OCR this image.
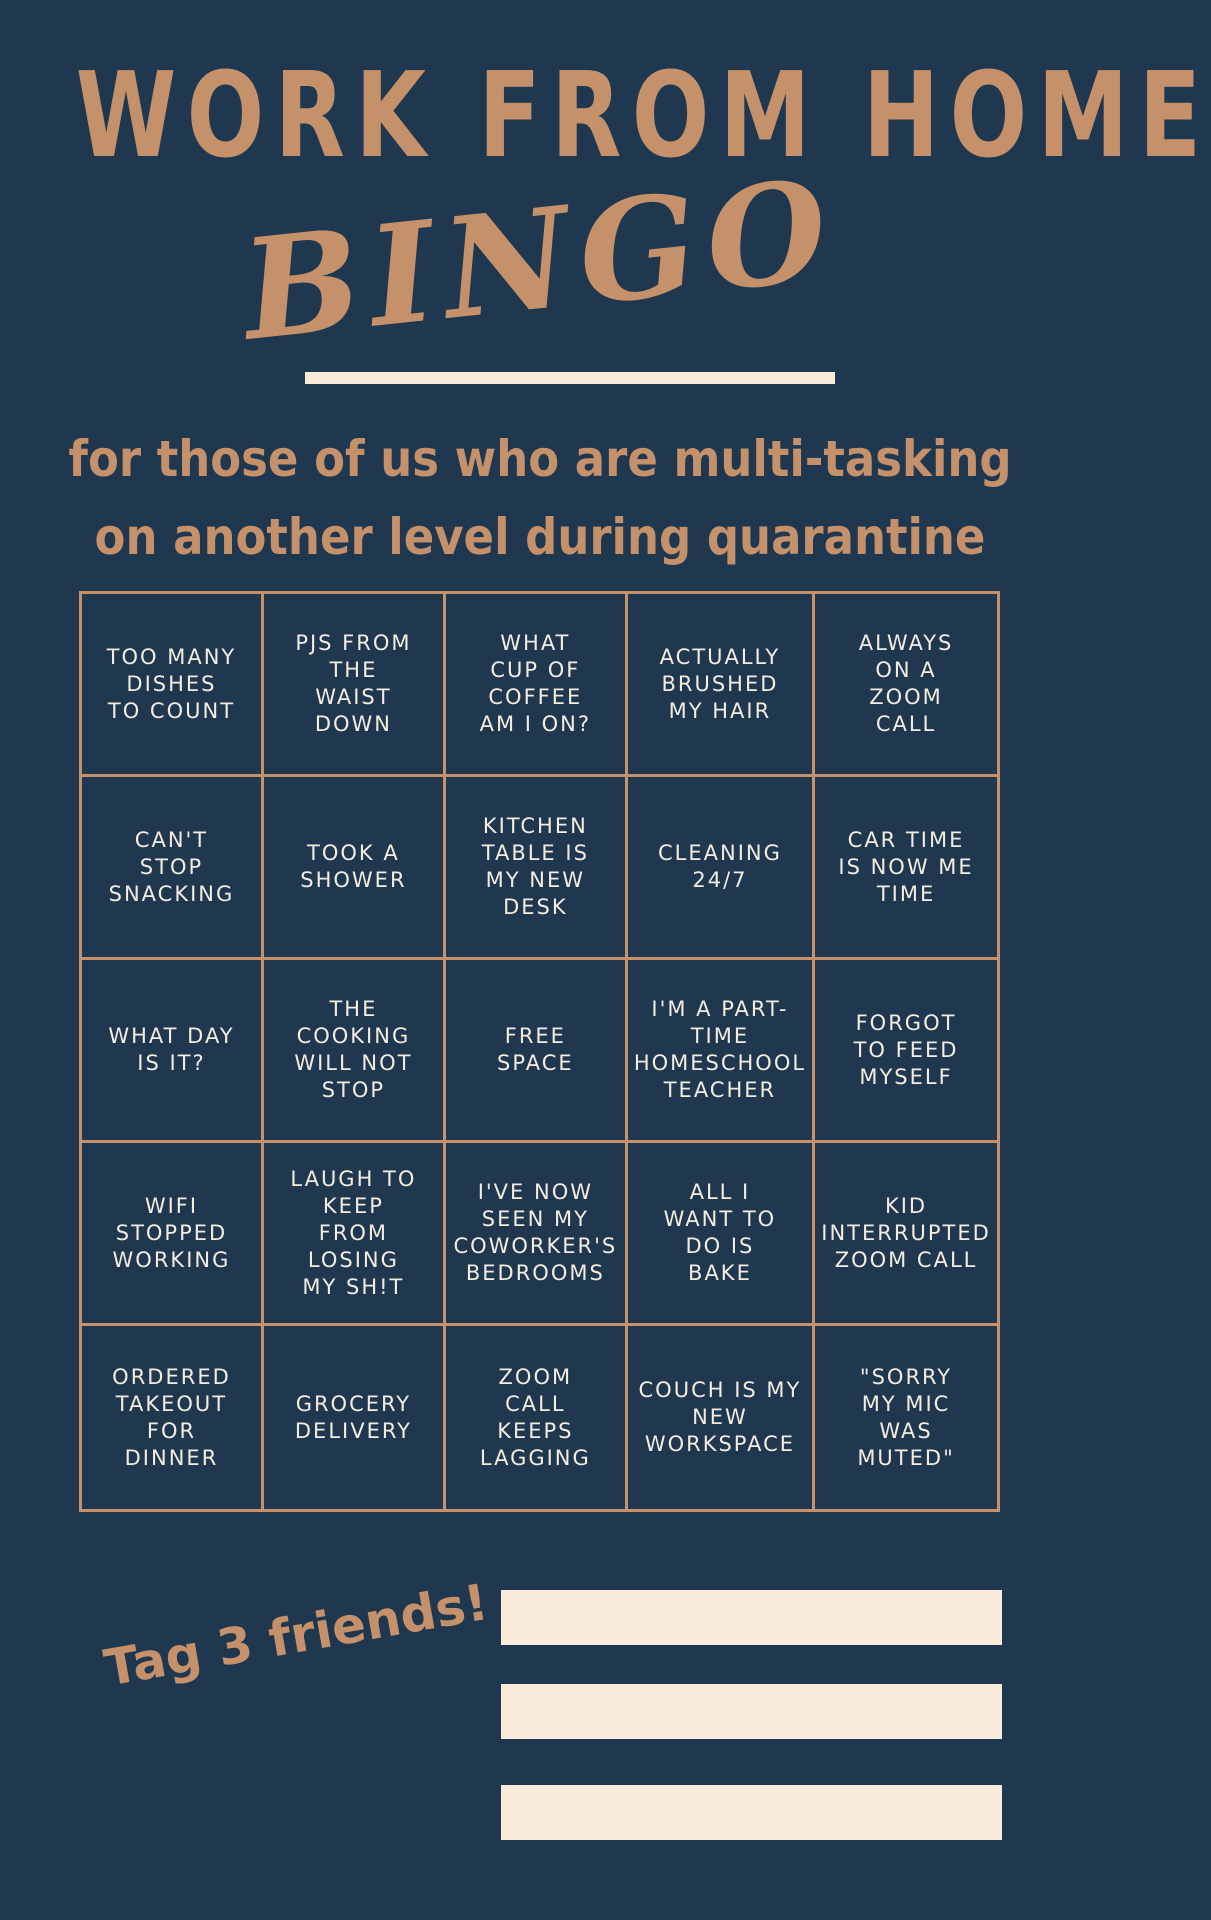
WORK FROM HOME
BINGO
for those of us who are multi-tasking on another level during quarantine
TOO MANY
DISHES
TO COUNT
PJS FROM
THE
WAIST
DOWN
WHAT
CUP OF
COFFEE
AM I ON?
ACTUALLY
BRUSHED
MY HAIR
ALWAYS
ON A
ZOOM
CALL
CAN'T
STOP
SNACKING
TOOK A
SHOWER
KITCHEN
TABLE IS
MY NEW
DESK
CLEANING
24/7
CAR TIME
IS NOW ME
TIME
WHAT DAY
IS IT?
THE
COOKING
WILL NOT
STOP
FREE
SPACE
I'M A PART-
TIME
HOMESCHOOL
TEACHER
FORGOT
TO FEED
MYSELF
WIFI
STOPPED
WORKING
LAUGH TO
KEEP
FROM
LOSING
MY SH!T
I'VE NOW
SEEN MY
COWORKER'S
BEDROOMS
ALL I
WANT TO
DO IS
BAKE
KID
INTERRUPTED
ZOOM CALL
ORDERED
TAKEOUT
FOR
DINNER
GROCERY
DELIVERY
ZOOM
CALL
KEEPS
LAGGING
COUCH IS MY
NEW
WORKSPACE
"SORRY
MY MIC
WAS
MUTED"
Tag 3 friends!
